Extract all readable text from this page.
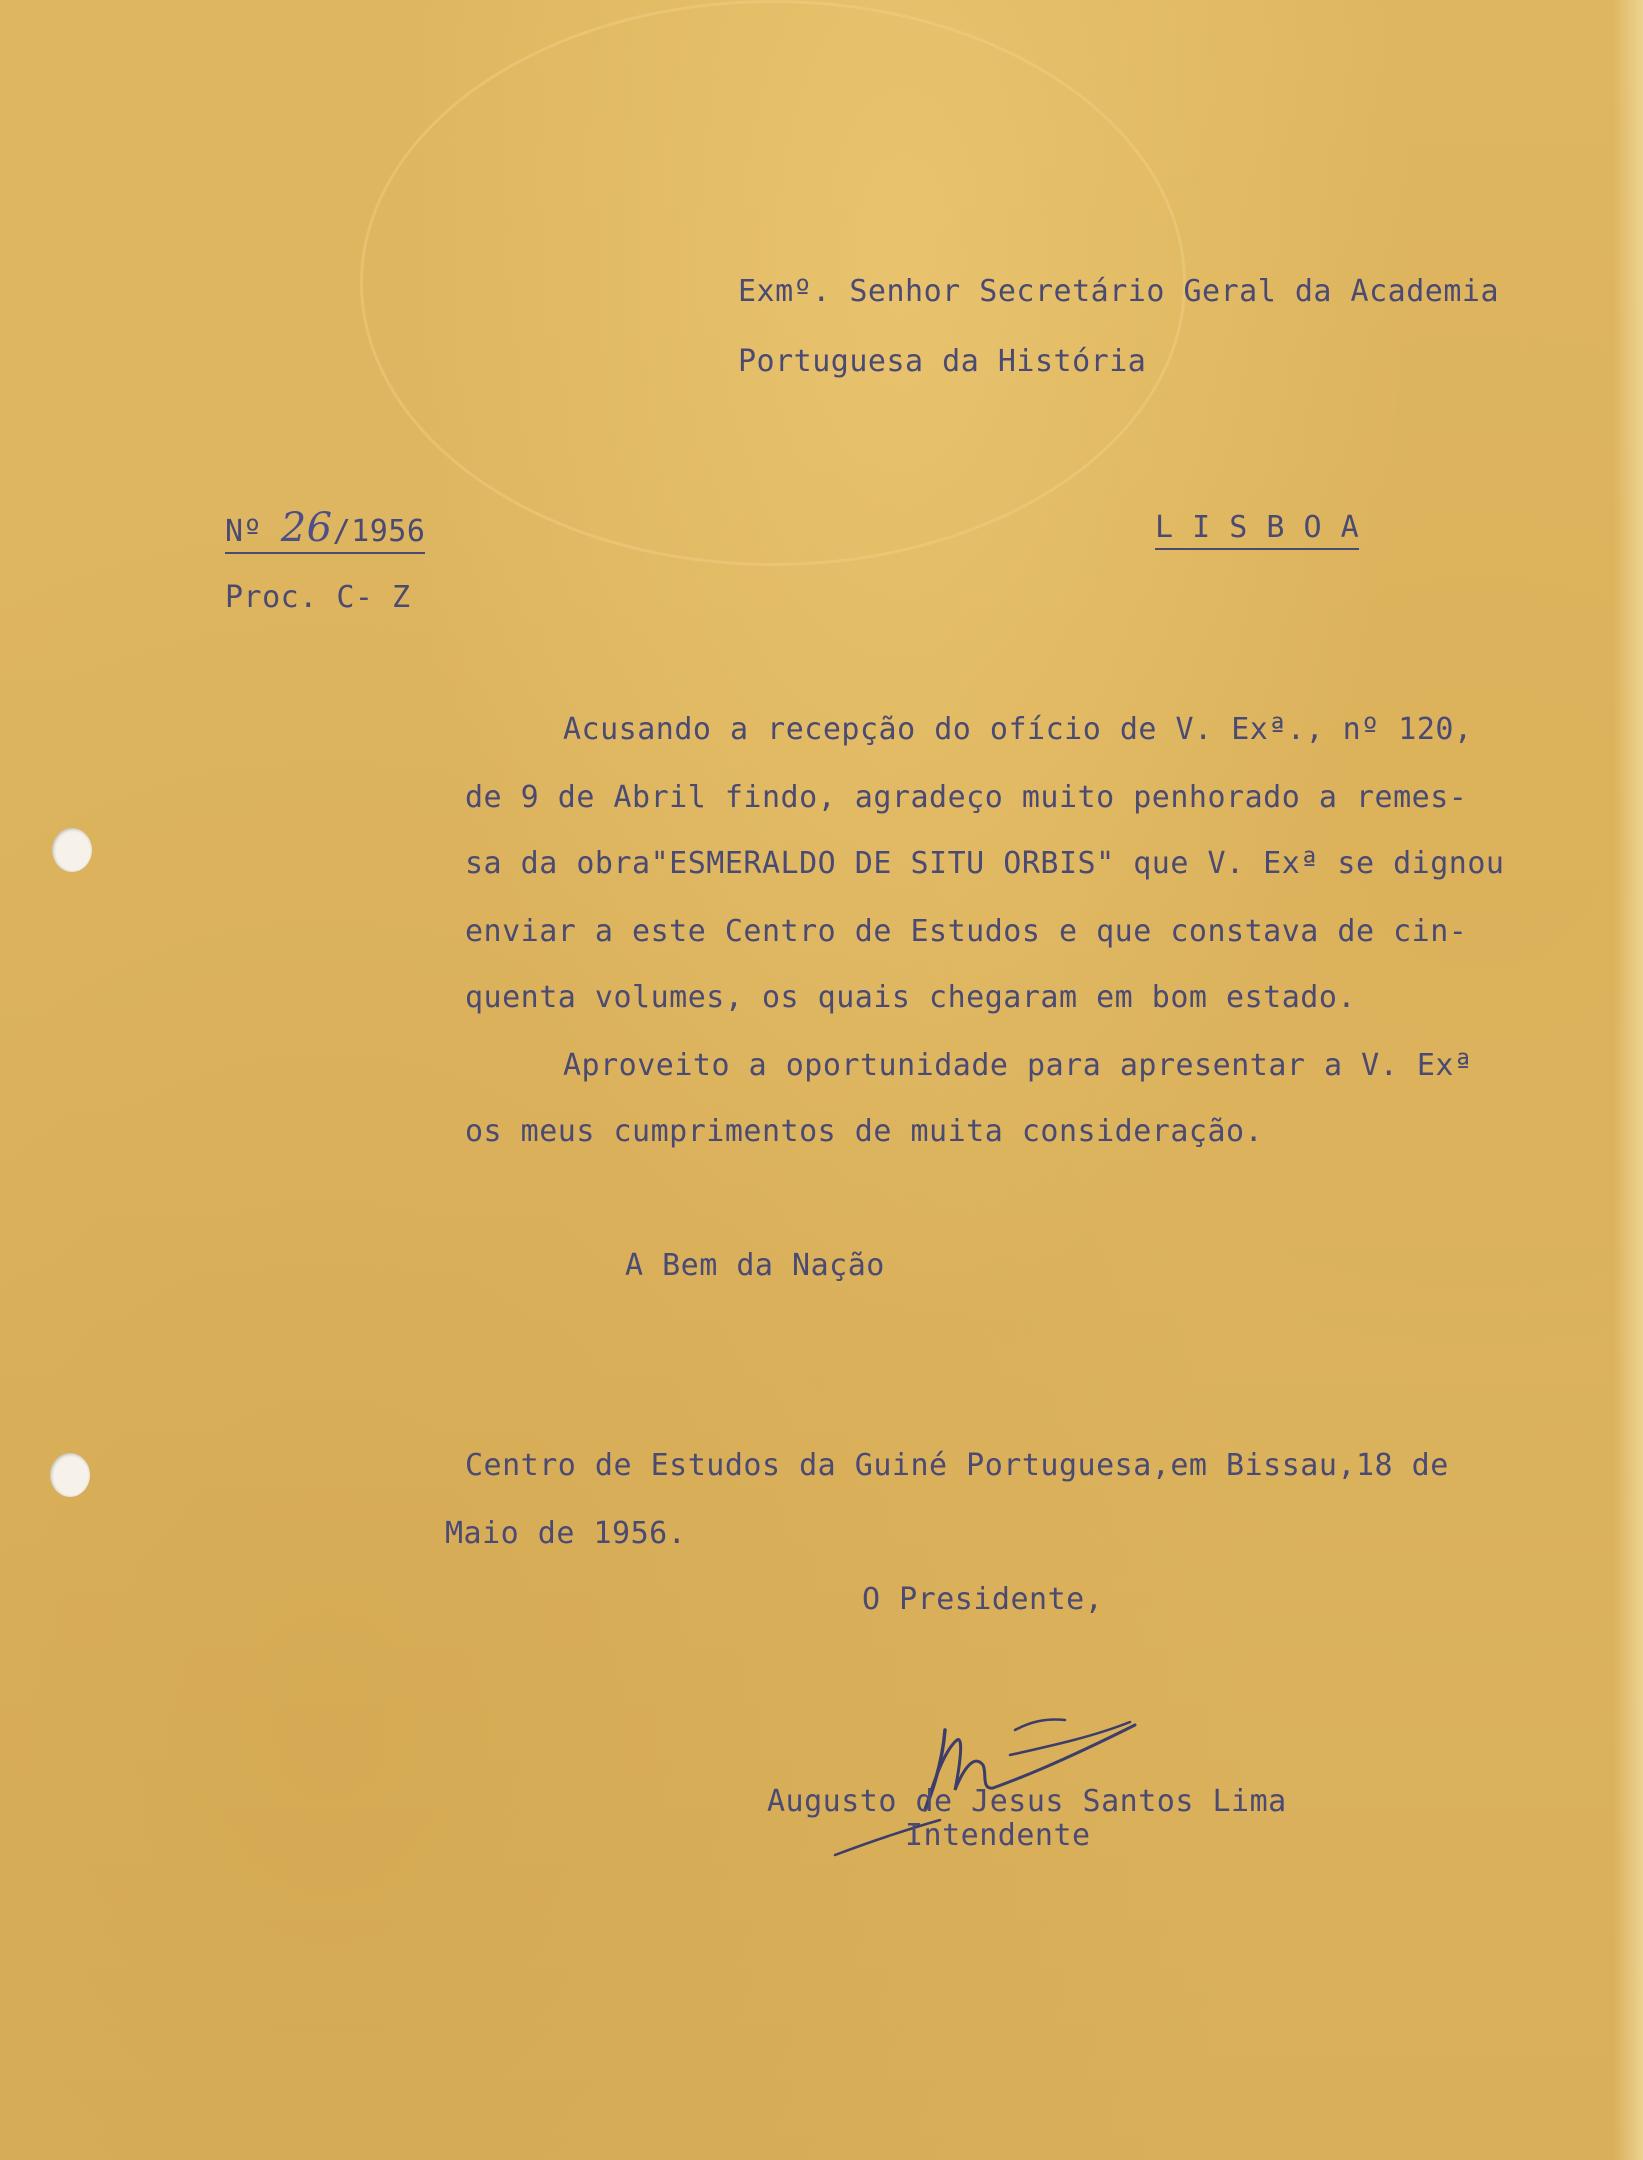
Exmº. Senhor Secretário Geral da Academia

Portuguesa da História

Nº 26/1956

Proc. C- Z

L I S B O A

Acusando a recepção do ofício de V. Exª., nº 120,

de 9 de Abril findo, agradeço muito penhorado a remes-

sa da obra"ESMERALDO DE SITU ORBIS" que V. Exª se dignou

enviar a este Centro de Estudos e que constava de cin-

quenta volumes, os quais chegaram em bom estado.

Aproveito a oportunidade para apresentar a V. Exª

os meus cumprimentos de muita consideração.

A Bem da Nação

Centro de Estudos da Guiné Portuguesa,em Bissau,18 de

Maio de 1956.

O Presidente,

Augusto de Jesus Santos Lima

Intendente
